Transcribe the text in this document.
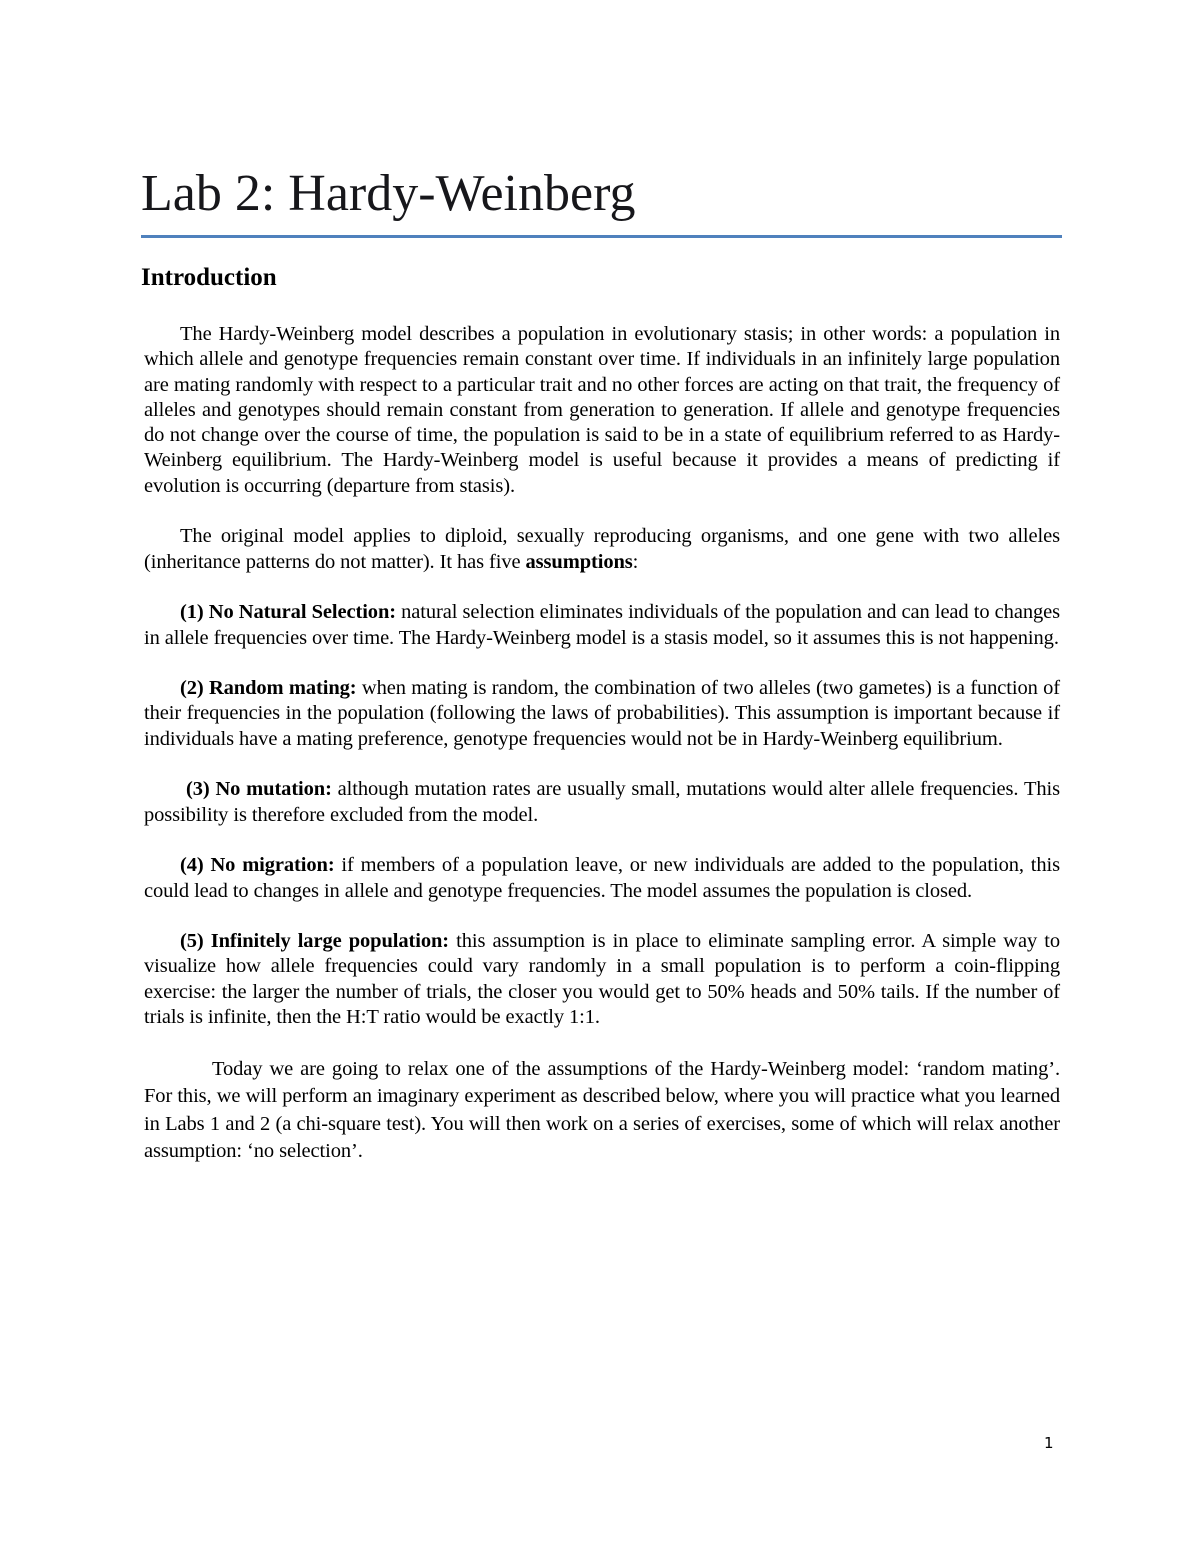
Lab 2: Hardy-Weinberg
Introduction

The Hardy-Weinberg model describes a population in evolutionary stasis; in other words: a population in which allele and genotype frequencies remain constant over time. If individuals in an infinitely large population are mating randomly with respect to a particular trait and no other forces are acting on that trait, the frequency of alleles and genotypes should remain constant from generation to generation. If allele and genotype frequencies do not change over the course of time, the population is said to be in a state of equilibrium referred to as Hardy-Weinberg equilibrium. The Hardy-Weinberg model is useful because it provides a means of predicting if evolution is occurring (departure from stasis).

The original model applies to diploid, sexually reproducing organisms, and one gene with two alleles (inheritance patterns do not matter). It has five assumptions:

(1) No Natural Selection: natural selection eliminates individuals of the population and can lead to changes in allele frequencies over time. The Hardy-Weinberg model is a stasis model, so it assumes this is not happening.

(2) Random mating: when mating is random, the combination of two alleles (two gametes) is a function of their frequencies in the population (following the laws of probabilities). This assumption is important because if individuals have a mating preference, genotype frequencies would not be in Hardy-Weinberg equilibrium.

(3) No mutation: although mutation rates are usually small, mutations would alter allele frequencies. This possibility is therefore excluded from the model.

(4) No migration: if members of a population leave, or new individuals are added to the population, this could lead to changes in allele and genotype frequencies. The model assumes the population is closed.

(5) Infinitely large population: this assumption is in place to eliminate sampling error. A simple way to visualize how allele frequencies could vary randomly in a small population is to perform a coin-flipping exercise: the larger the number of trials, the closer you would get to 50% heads and 50% tails. If the number of trials is infinite, then the H:T ratio would be exactly 1:1.

Today we are going to relax one of the assumptions of the Hardy-Weinberg model: ‘random mating’. For this, we will perform an imaginary experiment as described below, where you will practice what you learned in Labs 1 and 2 (a chi-square test). You will then work on a series of exercises, some of which will relax another assumption: ‘no selection’.

1
